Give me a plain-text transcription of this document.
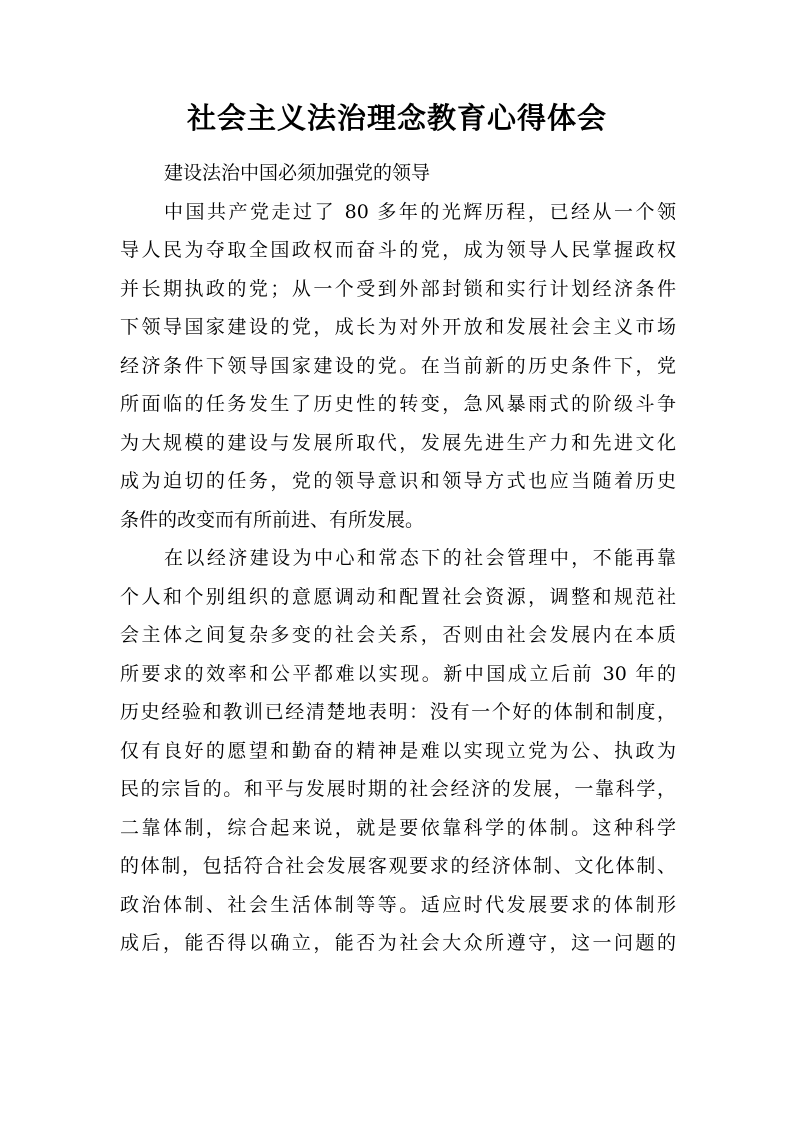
社会主义法治理念教育心得体会
建设法治中国必须加强党的领导
中国共产党走过了 80 多年的光辉历程，已经从一个领
导人民为夺取全国政权而奋斗的党，成为领导人民掌握政权
并长期执政的党；从一个受到外部封锁和实行计划经济条件
下领导国家建设的党，成长为对外开放和发展社会主义市场
经济条件下领导国家建设的党。在当前新的历史条件下，党
所面临的任务发生了历史性的转变，急风暴雨式的阶级斗争
为大规模的建设与发展所取代，发展先进生产力和先进文化
成为迫切的任务，党的领导意识和领导方式也应当随着历史
条件的改变而有所前进、有所发展。
在以经济建设为中心和常态下的社会管理中，不能再靠
个人和个别组织的意愿调动和配置社会资源，调整和规范社
会主体之间复杂多变的社会关系，否则由社会发展内在本质
所要求的效率和公平都难以实现。新中国成立后前 30 年的
历史经验和教训已经清楚地表明：没有一个好的体制和制度，
仅有良好的愿望和勤奋的精神是难以实现立党为公、执政为
民的宗旨的。和平与发展时期的社会经济的发展，一靠科学，
二靠体制，综合起来说，就是要依靠科学的体制。这种科学
的体制，包括符合社会发展客观要求的经济体制、文化体制、
政治体制、社会生活体制等等。适应时代发展要求的体制形
成后，能否得以确立，能否为社会大众所遵守，这一问题的
